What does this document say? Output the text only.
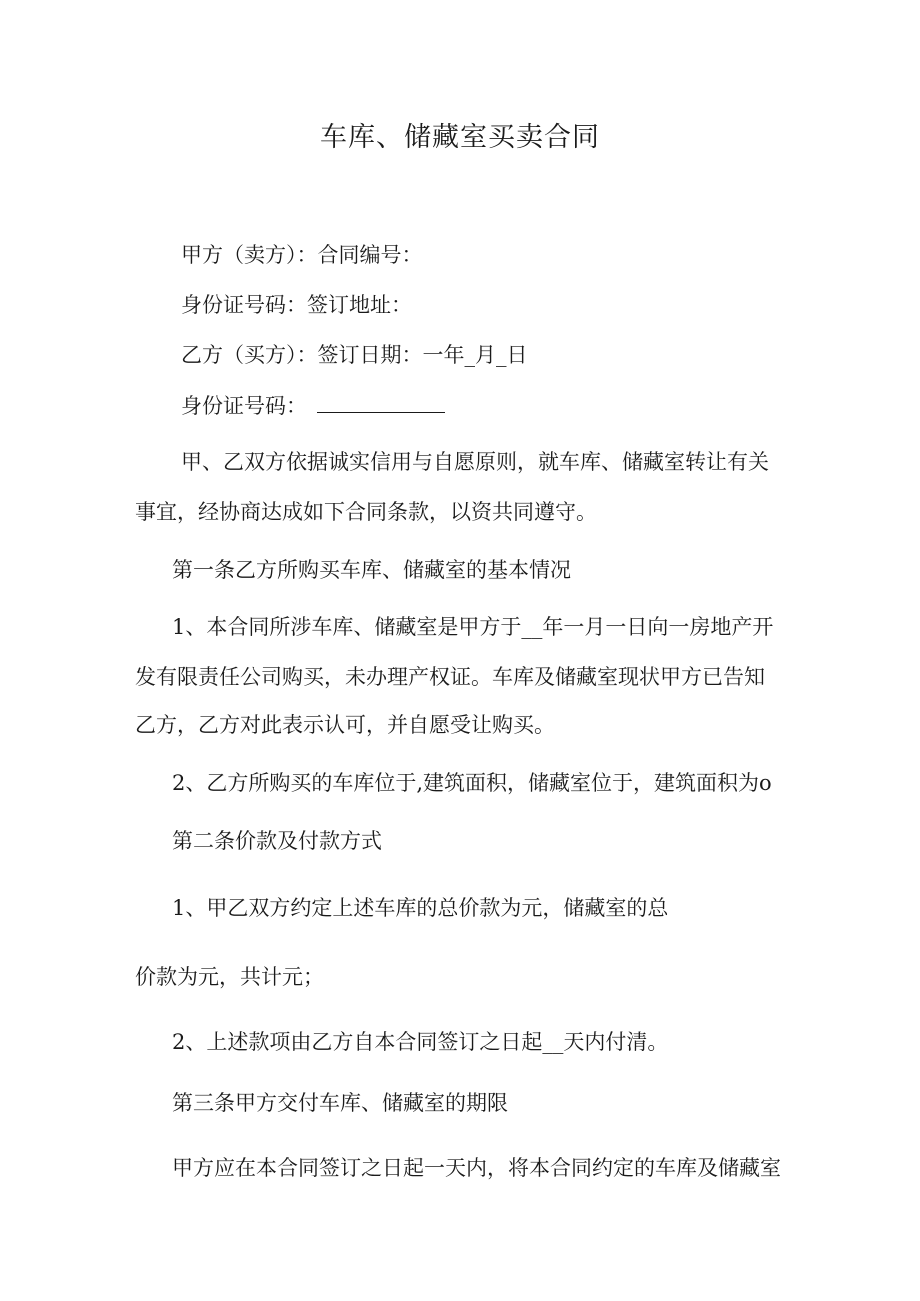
车库、储藏室买卖合同
甲方（卖方）：合同编号：
身份证号码：签订地址：
乙方（买方）：签订日期：一年_月_日
身份证号码：
甲、乙双方依据诚实信用与自愿原则，就车库、储藏室转让有关
事宜，经协商达成如下合同条款，以资共同遵守。
第一条乙方所购买车库、储藏室的基本情况
1、本合同所涉车库、储藏室是甲方于__年一月一日向一房地产开
发有限责任公司购买，未办理产权证。车库及储藏室现状甲方已告知
乙方，乙方对此表示认可，并自愿受让购买。
2、乙方所购买的车库位于,建筑面积，储藏室位于，建筑面积为o
第二条价款及付款方式
1、甲乙双方约定上述车库的总价款为元，储藏室的总
价款为元，共计元；
2、上述款项由乙方自本合同签订之日起__天内付清。
第三条甲方交付车库、储藏室的期限
甲方应在本合同签订之日起一天内，将本合同约定的车库及储藏室
